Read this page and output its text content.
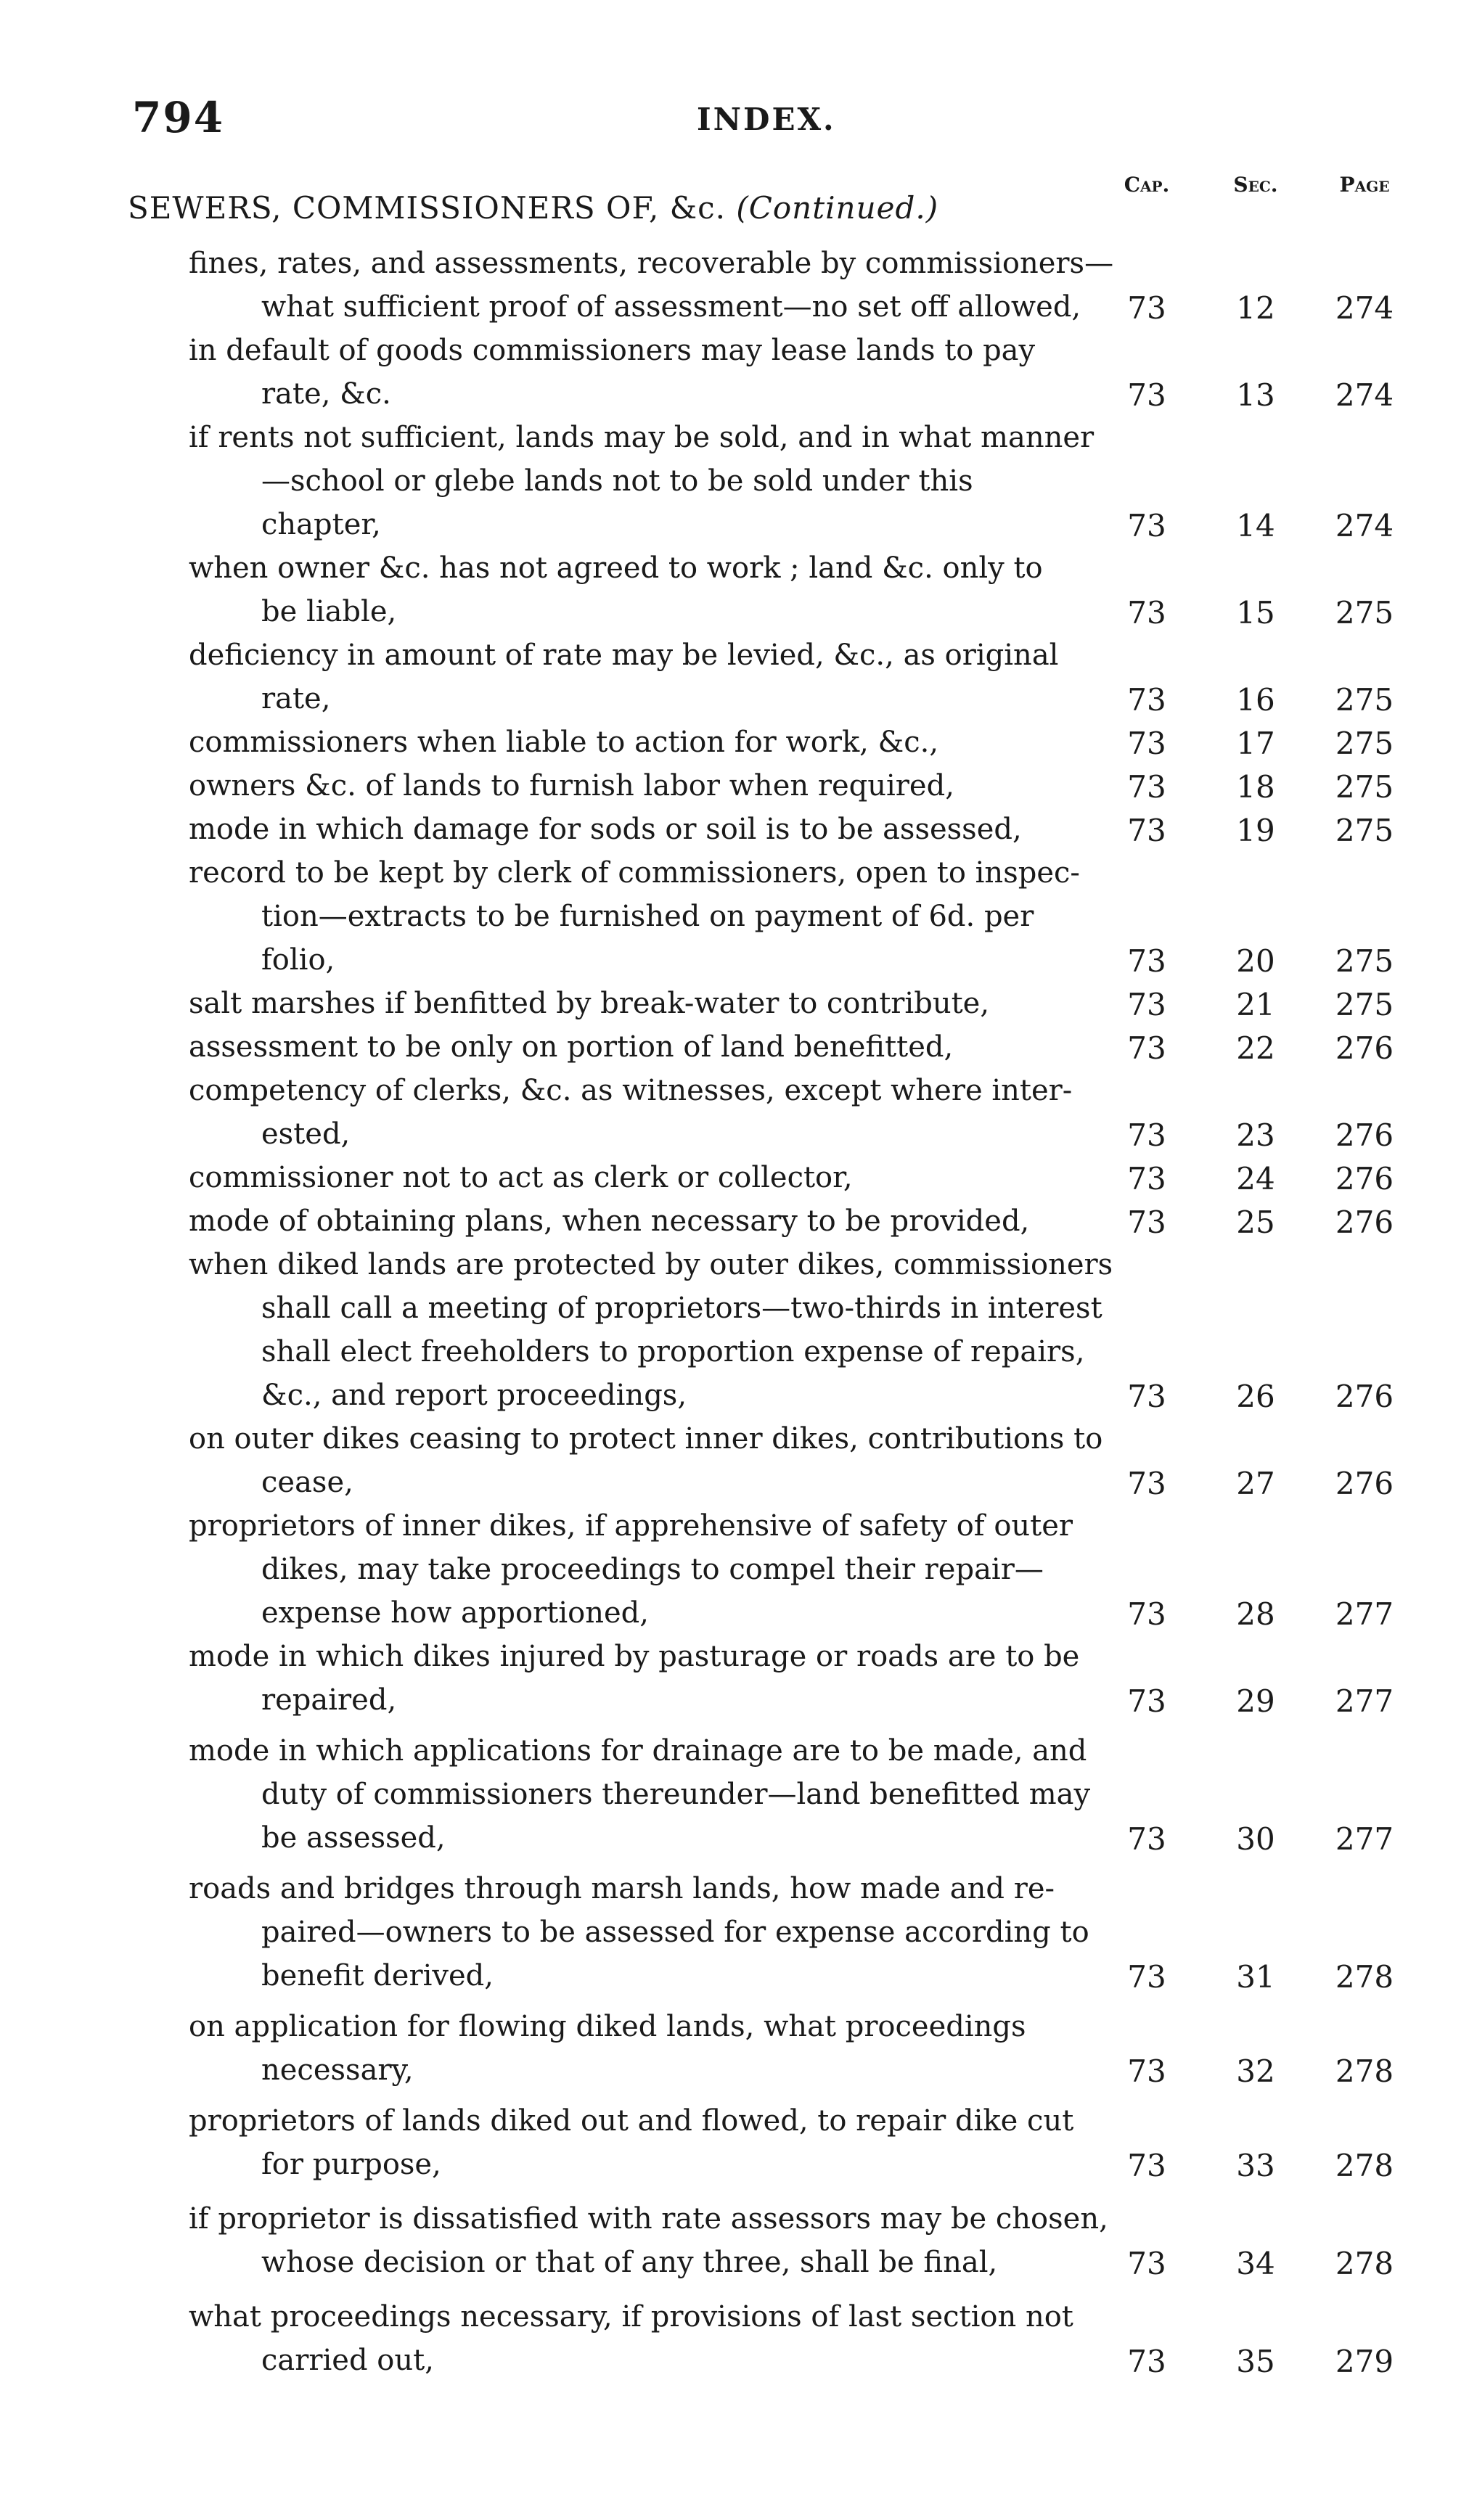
794	INDEX.
Cap.	Sec.	Page
SEWERS, COMMISSIONERS OF, &c. (Continued.)
fines, rates, and assessments, recoverable by commissioners—
what sufficient proof of assessment—no set off allowed,	73	12	274
in default of goods commissioners may lease lands to pay
rate, &c.	73	13	274
if rents not sufficient, lands may be sold, and in what manner
—school or glebe lands not to be sold under this
chapter,	73	14	274
when owner &c. has not agreed to work ; land &c. only to
be liable,	73	15	275
deficiency in amount of rate may be levied, &c., as original
rate,	73	16	275
commissioners when liable to action for work, &c.,	73	17	275
owners &c. of lands to furnish labor when required,	73	18	275
mode in which damage for sods or soil is to be assessed,	73	19	275
record to be kept by clerk of commissioners, open to inspec-
tion—extracts to be furnished on payment of 6d. per
folio,	73	20	275
salt marshes if benfitted by break-water to contribute,	73	21	275
assessment to be only on portion of land benefitted,	73	22	276
competency of clerks, &c. as witnesses, except where inter-
ested,	73	23	276
commissioner not to act as clerk or collector,	73	24	276
mode of obtaining plans, when necessary to be provided,	73	25	276
when diked lands are protected by outer dikes, commissioners
shall call a meeting of proprietors—two-thirds in interest
shall elect freeholders to proportion expense of repairs,
&c., and report proceedings,	73	26	276
on outer dikes ceasing to protect inner dikes, contributions to
cease,	73	27	276
proprietors of inner dikes, if apprehensive of safety of outer
dikes, may take proceedings to compel their repair—
expense how apportioned,	73	28	277
mode in which dikes injured by pasturage or roads are to be
repaired,	73	29	277
mode in which applications for drainage are to be made, and
duty of commissioners thereunder—land benefitted may
be assessed,	73	30	277
roads and bridges through marsh lands, how made and re-
paired—owners to be assessed for expense according to
benefit derived,	73	31	278
on application for flowing diked lands, what proceedings
necessary,	73	32	278
proprietors of lands diked out and flowed, to repair dike cut
for purpose,	73	33	278
if proprietor is dissatisfied with rate assessors may be chosen,
whose decision or that of any three, shall be final,	73	34	278
what proceedings necessary, if provisions of last section not
carried out,	73	35	279
